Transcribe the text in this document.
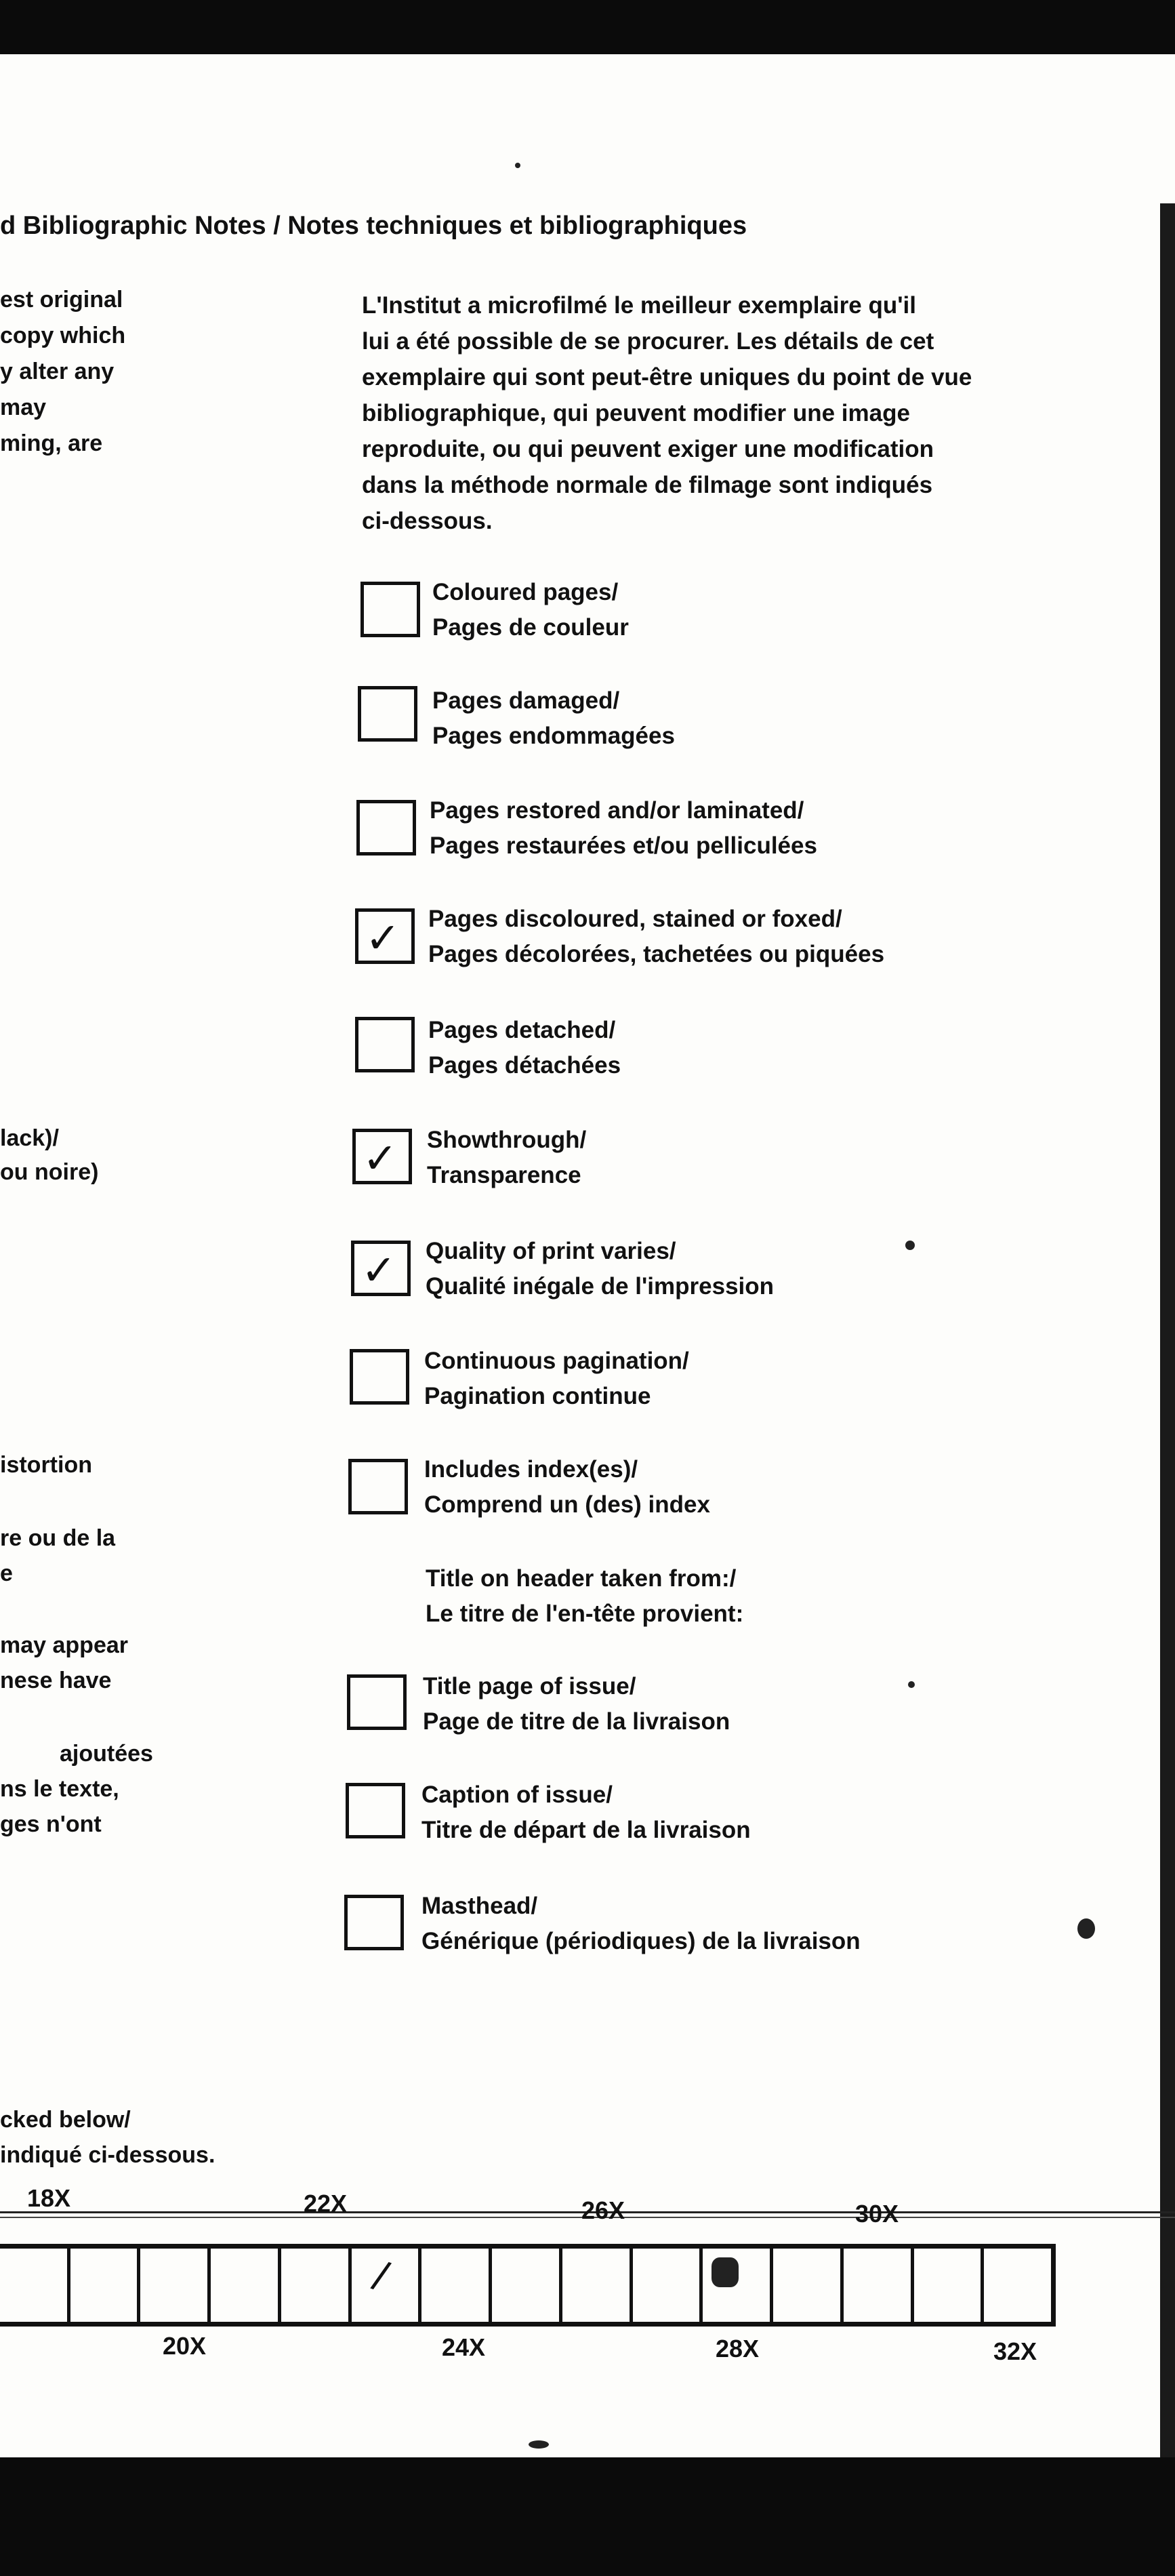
d Bibliographic Notes / Notes techniques et bibliographiques
est original
copy which
y alter any
may
ming, are
lack)/
ou noire)
istortion
re ou de la
e
may appear
nese have
ajoutées
ns le texte,
ges n'ont
cked below/
indiqué ci-dessous.
L'Institut a microfilmé le meilleur exemplaire qu'il
lui a été possible de se procurer. Les détails de cet
exemplaire qui sont peut-être uniques du point de vue
bibliographique, qui peuvent modifier une image
reproduite, ou qui peuvent exiger une modification
dans la méthode normale de filmage sont indiqués
ci-dessous.
Coloured pages/
Pages de couleur
Pages damaged/
Pages endommagées
Pages restored and/or laminated/
Pages restaurées et/ou pelliculées
✓ Pages discoloured, stained or foxed/
Pages décolorées, tachetées ou piquées
Pages detached/
Pages détachées
✓ Showthrough/
Transparence
✓ Quality of print varies/
Qualité inégale de l'impression
Continuous pagination/
Pagination continue
Includes index(es)/
Comprend un (des) index
Title on header taken from:/
Le titre de l'en-tête provient:
Title page of issue/
Page de titre de la livraison
Caption of issue/
Titre de départ de la livraison
Masthead/
Générique (périodiques) de la livraison
18X	22X	26X	30X
/
20X	24X	28X	32X
